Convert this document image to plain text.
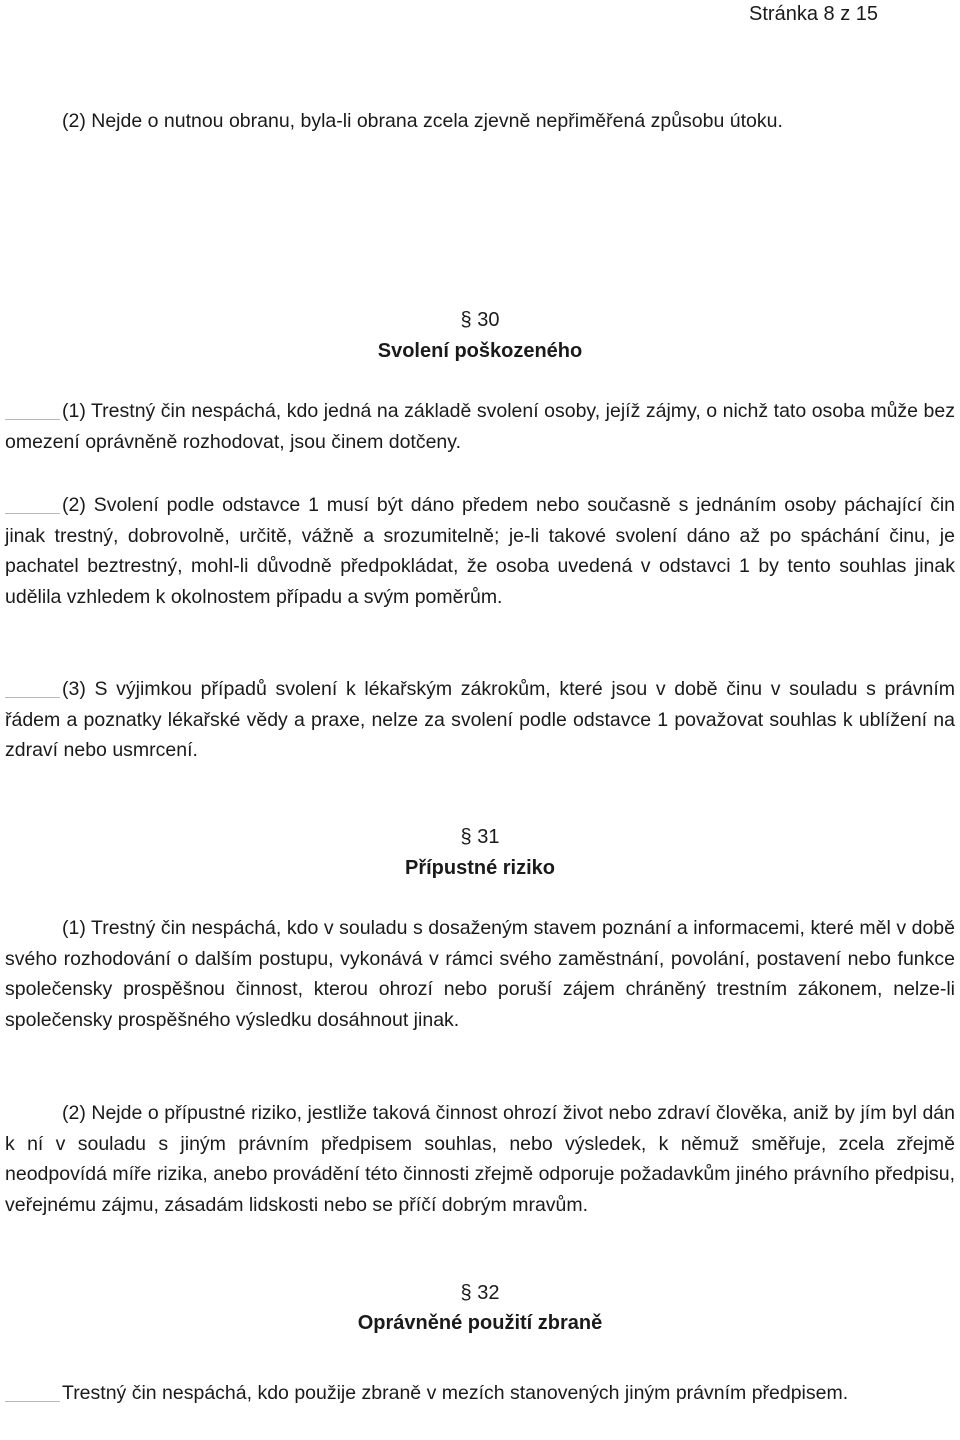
Stránka 8 z 15

(2) Nejde o nutnou obranu, byla-li obrana zcela zjevně nepřiměřená způsobu útoku.

§ 30
Svolení poškozeného

(1) Trestný čin nespáchá, kdo jedná na základě svolení osoby, jejíž zájmy, o nichž tato osoba může bez omezení oprávněně rozhodovat, jsou činem dotčeny.

(2) Svolení podle odstavce 1 musí být dáno předem nebo současně s jednáním osoby páchající čin jinak trestný, dobrovolně, určitě, vážně a srozumitelně; je-li takové svolení dáno až po spáchání činu, je pachatel beztrestný, mohl-li důvodně předpokládat, že osoba uvedená v odstavci 1 by tento souhlas jinak udělila vzhledem k okolnostem případu a svým poměrům.

(3) S výjimkou případů svolení k lékařským zákrokům, které jsou v době činu v souladu s právním řádem a poznatky lékařské vědy a praxe, nelze za svolení podle odstavce 1 považovat souhlas k ublížení na zdraví nebo usmrcení.

§ 31
Přípustné riziko

(1) Trestný čin nespáchá, kdo v souladu s dosaženým stavem poznání a informacemi, které měl v době svého rozhodování o dalším postupu, vykonává v rámci svého zaměstnání, povolání, postavení nebo funkce společensky prospěšnou činnost, kterou ohrozí nebo poruší zájem chráněný trestním zákonem, nelze-li společensky prospěšného výsledku dosáhnout jinak.

(2) Nejde o přípustné riziko, jestliže taková činnost ohrozí život nebo zdraví člověka, aniž by jím byl dán k ní v souladu s jiným právním předpisem souhlas, nebo výsledek, k němuž směřuje, zcela zřejmě neodpovídá míře rizika, anebo provádění této činnosti zřejmě odporuje požadavkům jiného právního předpisu, veřejnému zájmu, zásadám lidskosti nebo se příčí dobrým mravům.

§ 32
Oprávněné použití zbraně

Trestný čin nespáchá, kdo použije zbraně v mezích stanovených jiným právním předpisem.
